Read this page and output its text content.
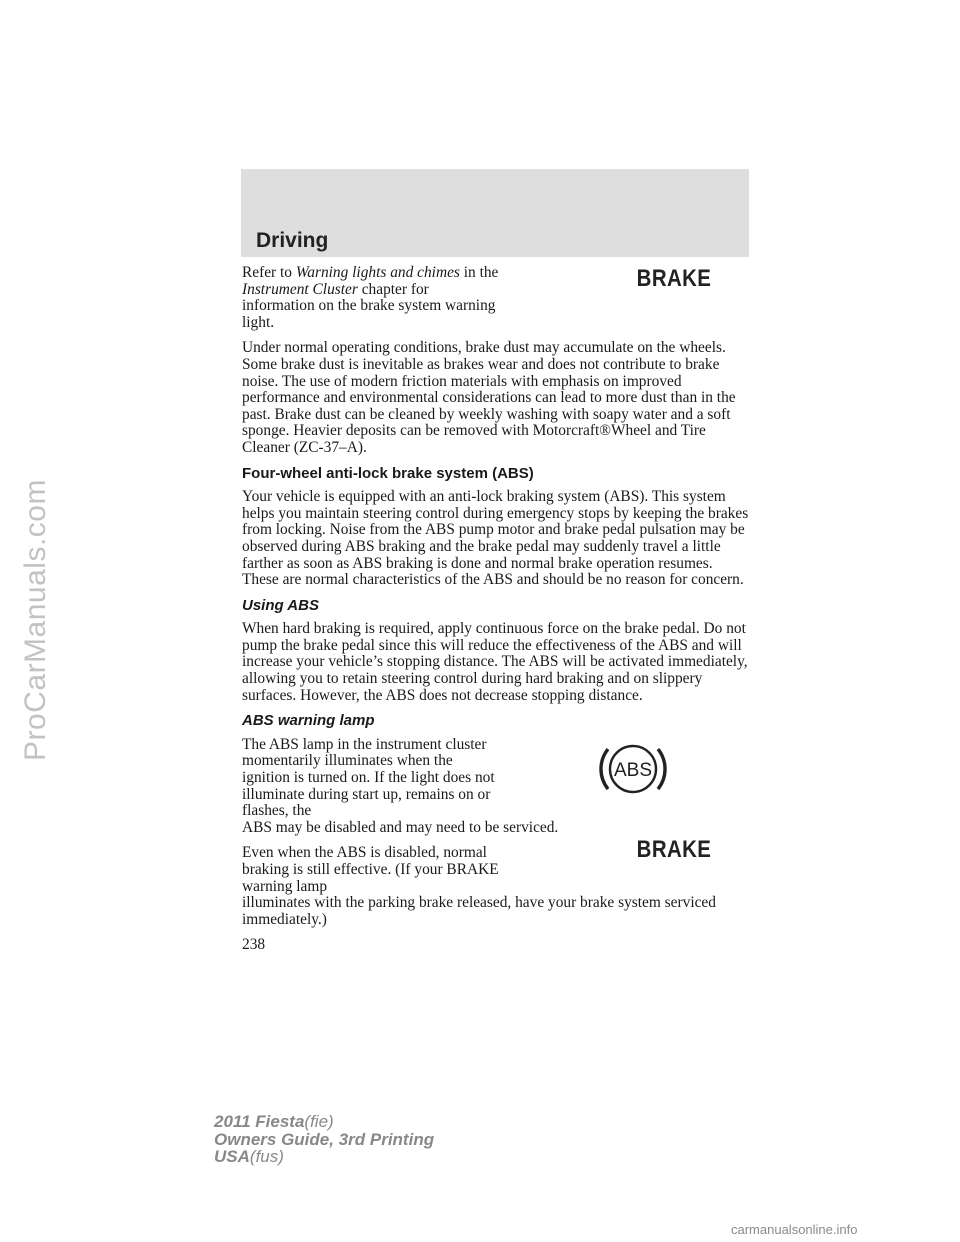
ProCarManuals.com
Driving
BRAKE

Refer to Warning lights and chimes in the Instrument Cluster chapter for information on the brake system warning light.

Under normal operating conditions, brake dust may accumulate on the wheels. Some brake dust is inevitable as brakes wear and does not contribute to brake noise. The use of modern friction materials with emphasis on improved performance and environmental considerations can lead to more dust than in the past. Brake dust can be cleaned by weekly washing with soapy water and a soft sponge. Heavier deposits can be removed with Motorcraft®Wheel and Tire Cleaner (ZC-37–A).

Four-wheel anti-lock brake system (ABS)

Your vehicle is equipped with an anti-lock braking system (ABS). This system helps you maintain steering control during emergency stops by keeping the brakes from locking. Noise from the ABS pump motor and brake pedal pulsation may be observed during ABS braking and the brake pedal may suddenly travel a little farther as soon as ABS braking is done and normal brake operation resumes. These are normal characteristics of the ABS and should be no reason for concern.

Using ABS

When hard braking is required, apply continuous force on the brake pedal. Do not pump the brake pedal since this will reduce the effectiveness of the ABS and will increase your vehicle’s stopping distance. The ABS will be activated immediately, allowing you to retain steering control during hard braking and on slippery surfaces. However, the ABS does not decrease stopping distance.

ABS warning lamp
ABS

The ABS lamp in the instrument cluster momentarily illuminates when the ignition is turned on. If the light does not illuminate during start up, remains on or flashes, the
ABS may be disabled and may need to be serviced.

BRAKE

Even when the ABS is disabled, normal braking is still effective. (If your BRAKE warning lamp
illuminates with the parking brake released, have your brake system serviced immediately.)

238
2011 Fiesta(fie)
Owners Guide, 3rd Printing
USA(fus)
carmanualsonline.info
